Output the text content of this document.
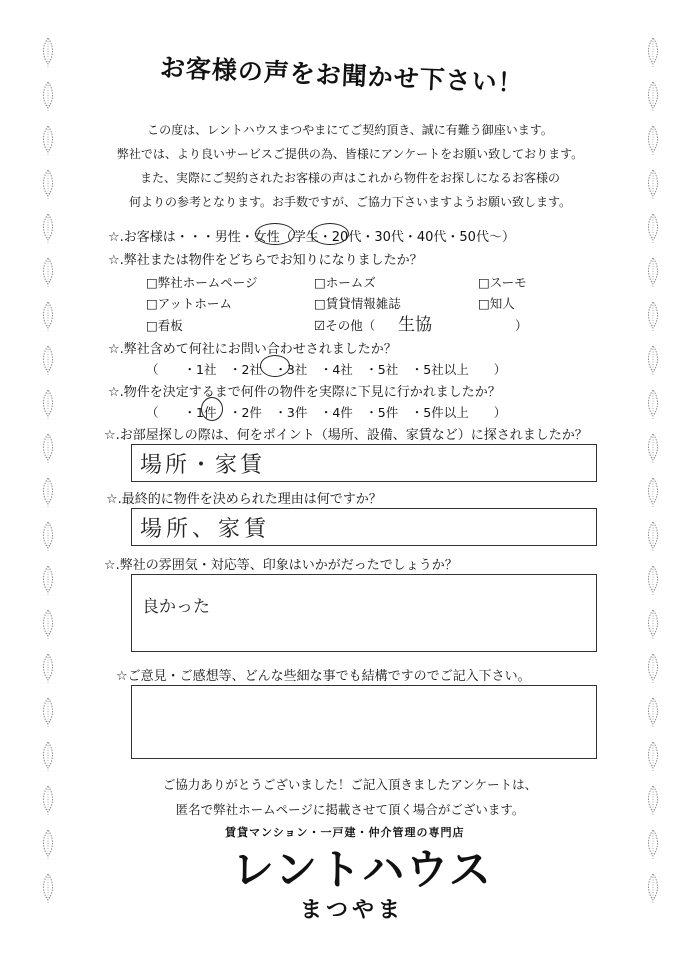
お客様の声をお聞かせ下さい！

この度は、レントハウスまつやまにてご契約頂き、誠に有難う御座います。

弊社では、より良いサービスご提供の為、皆様にアンケートをお願い致しております。

また、実際にご契約されたお客様の声はこれから物件をお探しになるお客様の

何よりの参考となります。お手数ですが、ご協力下さいますようお願い致します。

☆.お客様は・・・男性・女性（学生・20代・30代・40代・50代～）
☆.弊社または物件をどちらでお知りになりましたか？
□弊社ホームページ	□ホームズ	□スーモ
□アットホーム	□賃貸情報雑誌	□知人
□看板	☑その他（ 生協	）
☆.弊社含めて何社にお問い合わせされましたか？
（　　・1社　・2社　・3社　・4社　・5社　・5社以上　　）
☆.物件を決定するまで何件の物件を実際に下見に行かれましたか？
（　　・1件　・2件　・3件　・4件　・5件　・5件以上　　）
☆.お部屋探しの際は、何をポイント（場所、設備、家賃など）に探されましたか？
場所・家賃
☆.最終的に物件を決められた理由は何ですか？
場所、家賃
☆.弊社の雰囲気・対応等、印象はいかがだったでしょうか？
良かった
☆ご意見・ご感想等、どんな些細な事でも結構ですのでご記入下さい。

ご協力ありがとうございました！ご記入頂きましたアンケートは、

匿名で弊社ホームページに掲載させて頂く場合がございます。

賃貸マンション・一戸建・仲介管理の専門店
レントハウス
まつやま
